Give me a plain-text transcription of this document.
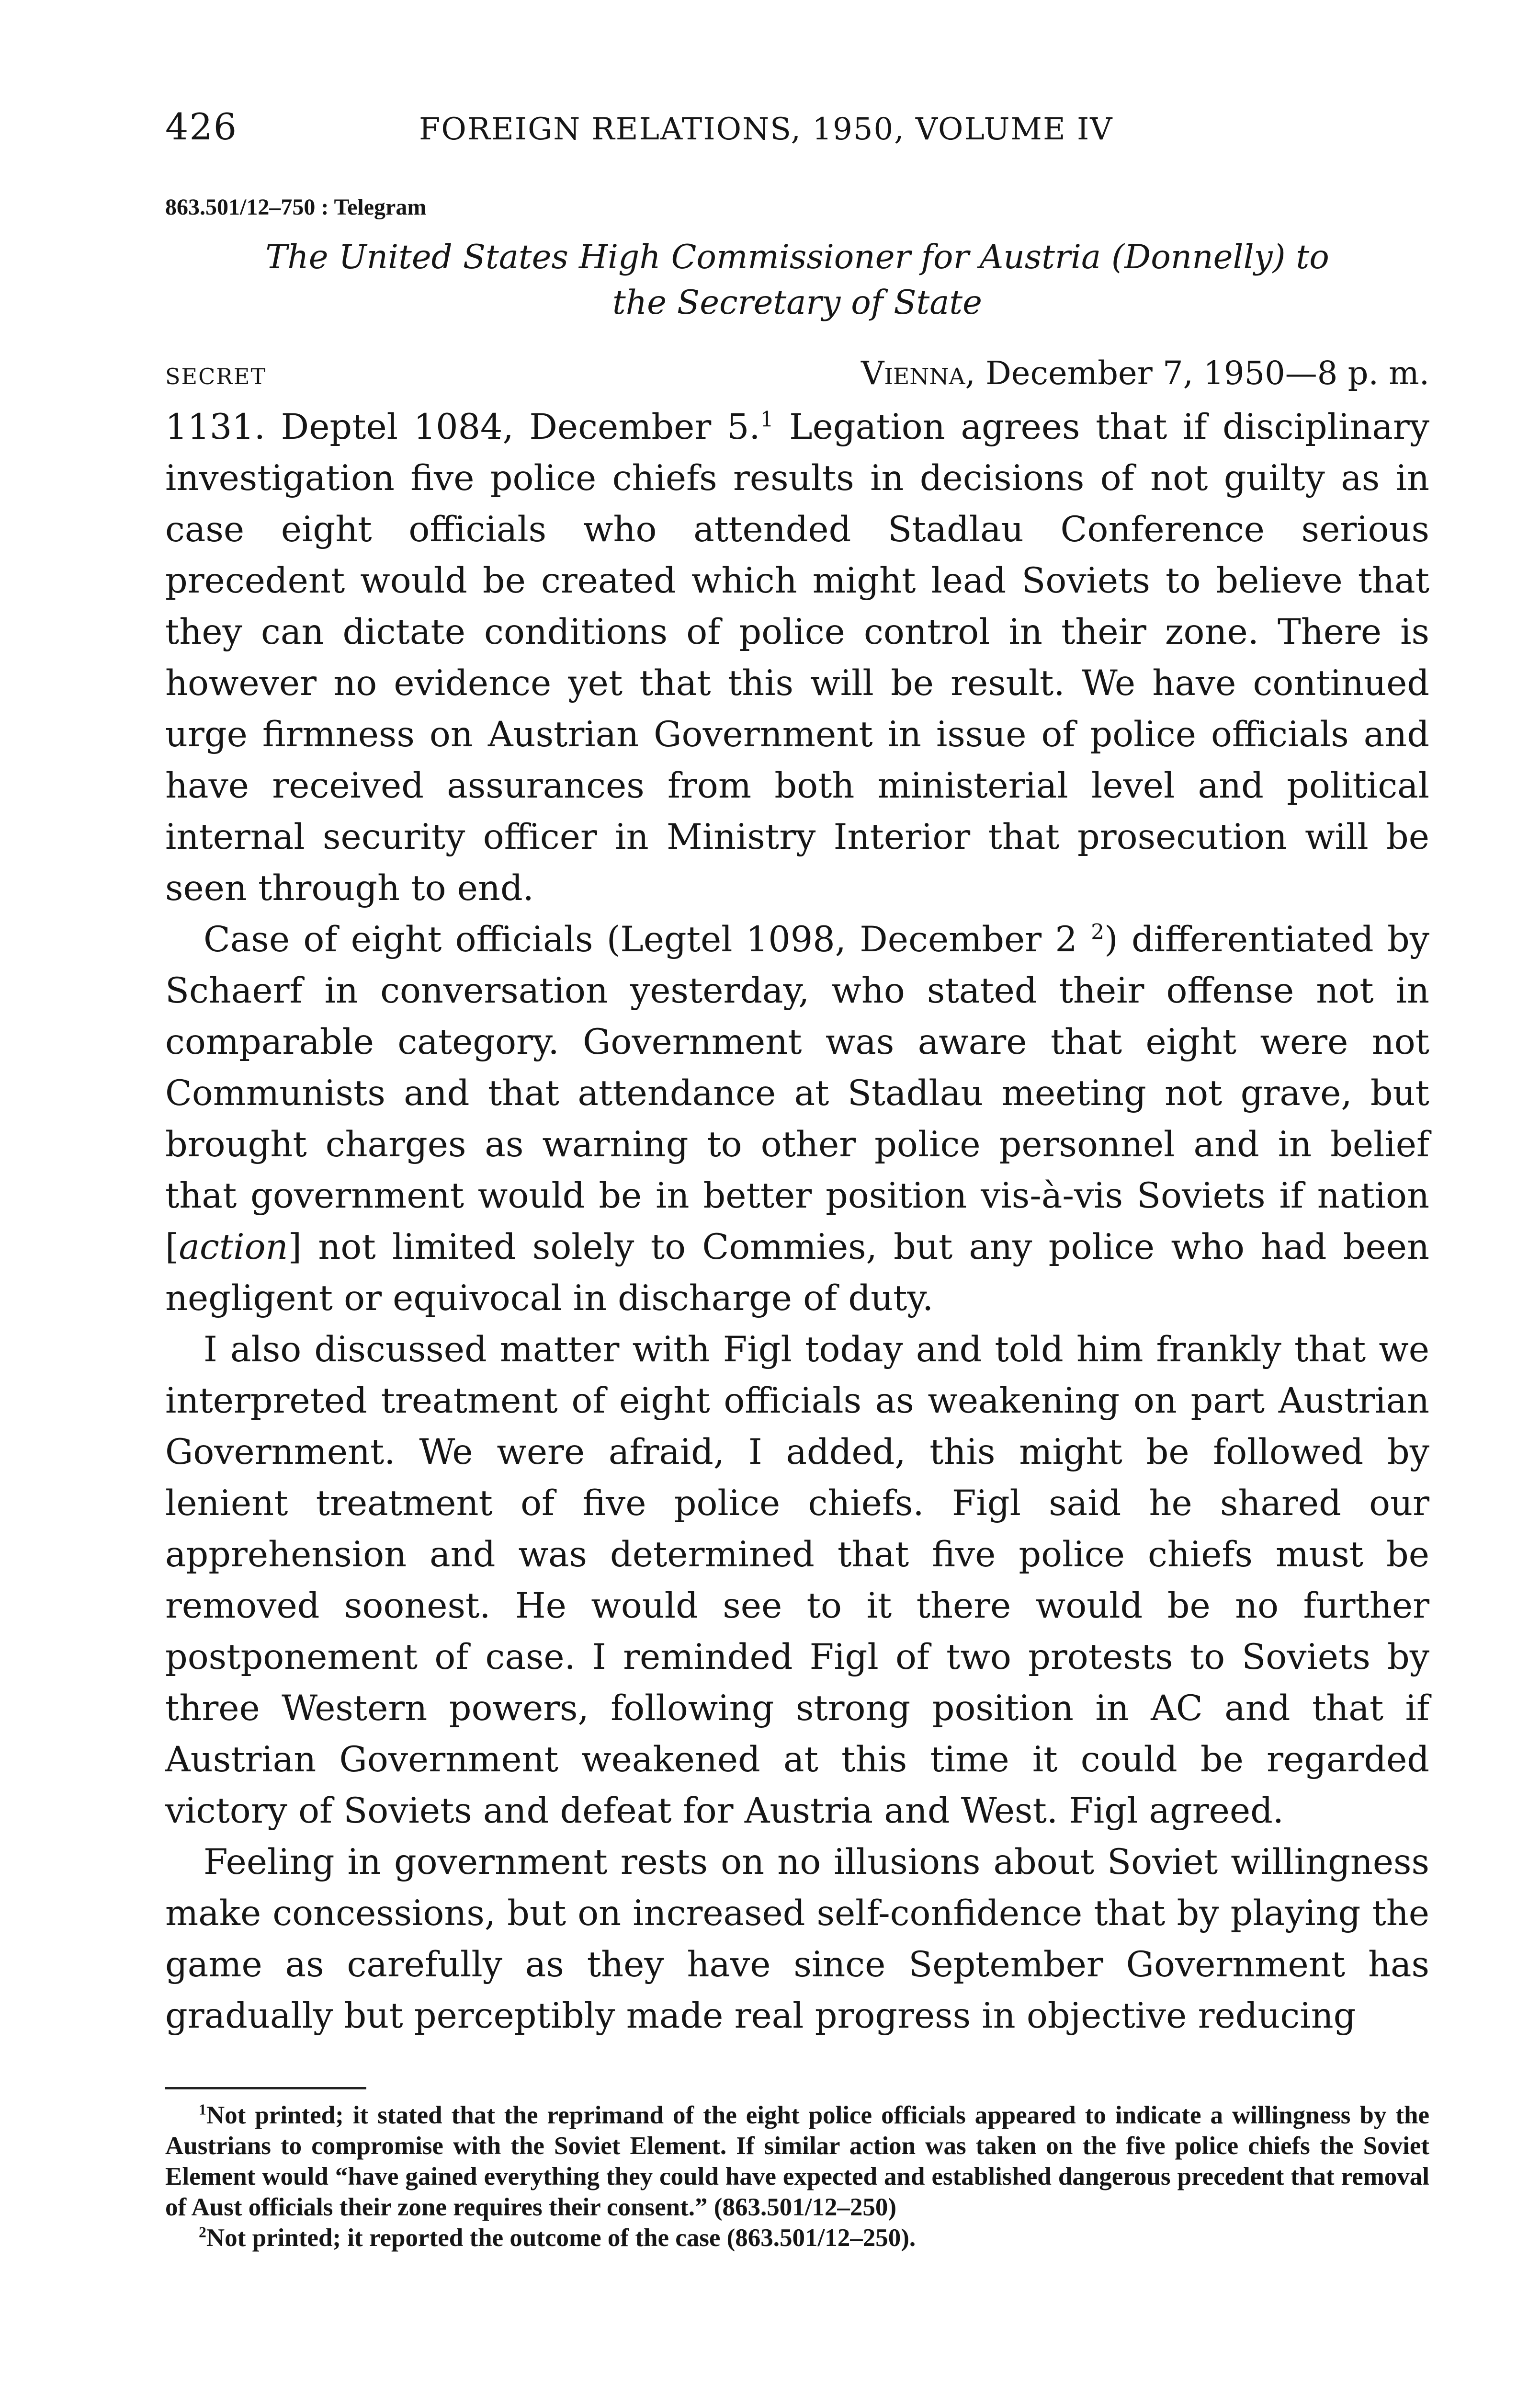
426	FOREIGN RELATIONS, 1950, VOLUME IV
863.501/12–750 : Telegram
The United States High Commissioner for Austria (Donnelly) to
the Secretary of State
SECRET	Vienna, December 7, 1950—8 p. m.

1131. Deptel 1084, December 5.$^1$ Legation agrees that if disciplinary investigation five police chiefs results in decisions of not guilty as in case eight officials who attended Stadlau Conference serious precedent would be created which might lead Soviets to believe that they can dictate conditions of police control in their zone. There is however no evidence yet that this will be result. We have continued urge firmness on Austrian Government in issue of police officials and have received assurances from both ministerial level and political internal security officer in Ministry Interior that prosecution will be seen through to end.

Case of eight officials (Legtel 1098, December 2 $^2$) differentiated by Schaerf in conversation yesterday, who stated their offense not in comparable category. Government was aware that eight were not Communists and that attendance at Stadlau meeting not grave, but brought charges as warning to other police personnel and in belief that government would be in better position vis-à-vis Soviets if nation [action] not limited solely to Commies, but any police who had been negligent or equivocal in discharge of duty.

I also discussed matter with Figl today and told him frankly that we interpreted treatment of eight officials as weakening on part Austrian Government. We were afraid, I added, this might be followed by lenient treatment of five police chiefs. Figl said he shared our apprehension and was determined that five police chiefs must be removed soonest. He would see to it there would be no further postponement of case. I reminded Figl of two protests to Soviets by three Western powers, following strong position in AC and that if Austrian Government weakened at this time it could be regarded victory of Soviets and defeat for Austria and West. Figl agreed.

Feeling in government rests on no illusions about Soviet willingness make concessions, but on increased self-confidence that by playing the game as carefully as they have since September Government has gradually but perceptibly made real progress in objective reducing

$^1$Not printed; it stated that the reprimand of the eight police officials appeared to indicate a willingness by the Austrians to compromise with the Soviet Element. If similar action was taken on the five police chiefs the Soviet Element would “have gained everything they could have expected and established dangerous precedent that removal of Aust officials their zone requires their consent.” (863.501/12–250)

$^2$Not printed; it reported the outcome of the case (863.501/12–250).
